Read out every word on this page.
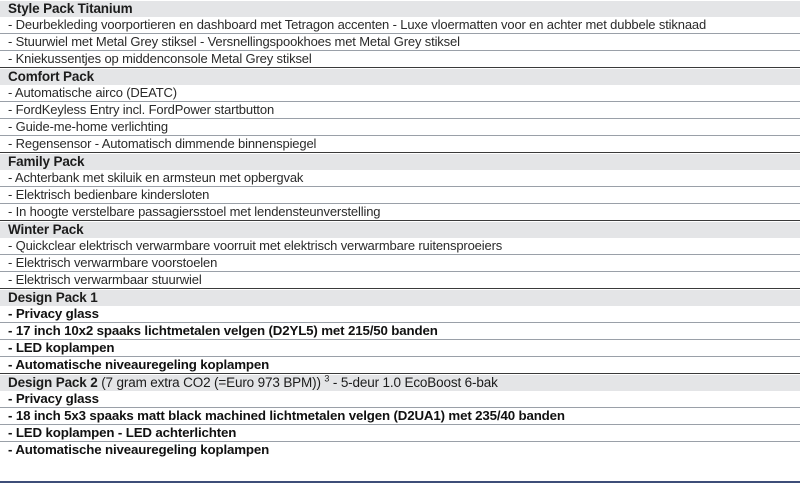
Style Pack Titanium
- Deurbekleding voorportieren en dashboard met Tetragon accenten - Luxe vloermatten voor en achter met dubbele stiknaad
- Stuurwiel met Metal Grey stiksel - Versnellingspookhoes met Metal Grey stiksel
- Kniekussentjes op middenconsole Metal Grey stiksel
Comfort Pack
- Automatische airco (DEATC)
- FordKeyless Entry incl. FordPower startbutton
- Guide-me-home verlichting
- Regensensor - Automatisch dimmende binnenspiegel
Family Pack
- Achterbank met skiluik en armsteun met opbergvak
- Elektrisch bedienbare kindersloten
- In hoogte verstelbare passagiersstoel met lendensteunverstelling
Winter Pack
- Quickclear elektrisch verwarmbare voorruit met elektrisch verwarmbare ruitensproeiers
- Elektrisch verwarmbare voorstoelen
- Elektrisch verwarmbaar stuurwiel
Design Pack 1
- Privacy glass
- 17 inch 10x2 spaaks lichtmetalen velgen (D2YL5) met 215/50 banden
- LED koplampen
- Automatische niveauregeling koplampen
Design Pack 2 (7 gram extra CO2 (=Euro 973 BPM)) $^3$ - 5-deur 1.0 EcoBoost 6-bak
- Privacy glass
- 18 inch 5x3 spaaks matt black machined lichtmetalen velgen (D2UA1) met 235/40 banden
- LED koplampen - LED achterlichten
- Automatische niveauregeling koplampen
